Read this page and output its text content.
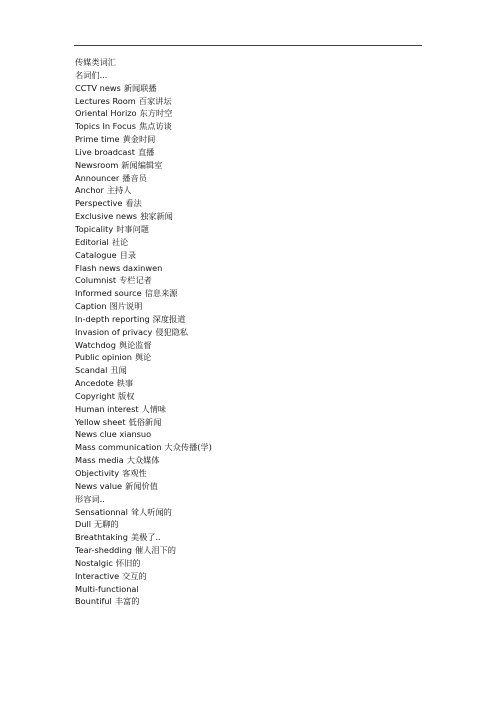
传媒类词汇
名词们...
CCTV news 新闻联播
Lectures Room 百家讲坛
Oriental Horizo 东方时空
Topics In Focus 焦点访谈
Prime time 黄金时间
Live broadcast 直播
Newsroom 新闻编辑室
Announcer 播音员
Anchor 主持人
Perspective 看法
Exclusive news 独家新闻
Topicality 时事问题
Editorial 社论
Catalogue 目录
Flash news daxinwen
Columnist 专栏记者
Informed source 信息来源
Caption 图片说明
In-depth reporting 深度报道
Invasion of privacy 侵犯隐私
Watchdog 舆论监督
Public opinion 舆论
Scandal 丑闻
Ancedote 轶事
Copyright 版权
Human interest 人情味
Yellow sheet 低俗新闻
News clue xiansuo
Mass communication 大众传播(学)
Mass media 大众媒体
Objectivity 客观性
News value 新闻价值
形容词..
Sensationnal 耸人听闻的
Dull 无聊的
Breathtaking 美极了..
Tear-shedding 催人泪下的
Nostalgic 怀旧的
Interactive 交互的
Multi-functional
Bountiful 丰富的
